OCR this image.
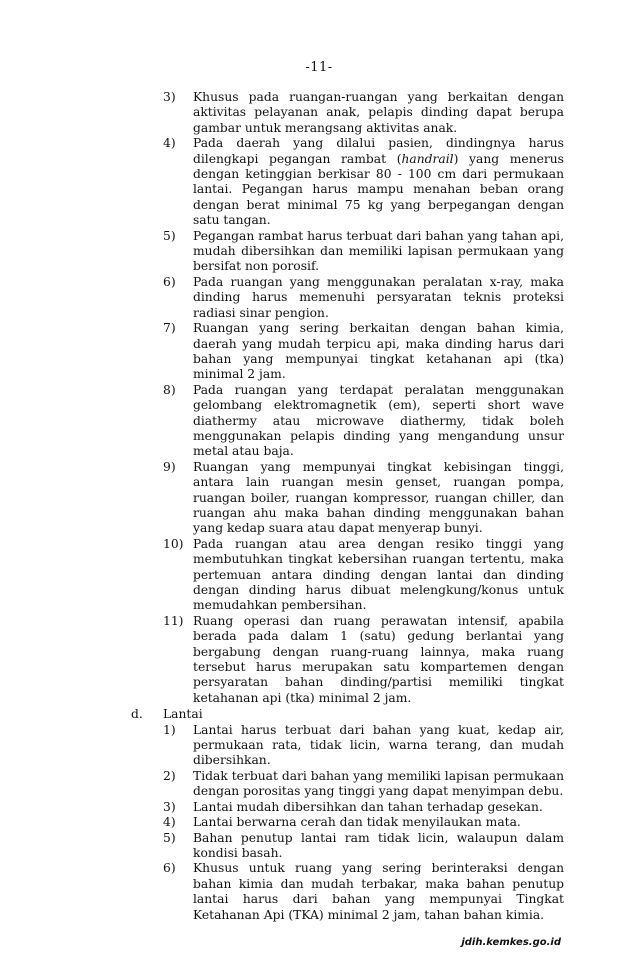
-11-
3)	Khusus pada ruangan-ruangan yang berkaitan dengan aktivitas pelayanan anak, pelapis dinding dapat berupa gambar untuk merangsang aktivitas anak.
4)	Pada daerah yang dilalui pasien, dindingnya harus dilengkapi pegangan rambat (handrail) yang menerus dengan ketinggian berkisar 80 - 100 cm dari permukaan lantai. Pegangan harus mampu menahan beban orang dengan berat minimal 75 kg yang berpegangan dengan satu tangan.
5)	Pegangan rambat harus terbuat dari bahan yang tahan api, mudah dibersihkan dan memiliki lapisan permukaan yang bersifat non porosif.
6)	Pada ruangan yang menggunakan peralatan x-ray, maka dinding harus memenuhi persyaratan teknis proteksi radiasi sinar pengion.
7)	Ruangan yang sering berkaitan dengan bahan kimia, daerah yang mudah terpicu api, maka dinding harus dari bahan yang mempunyai tingkat ketahanan api (tka) minimal 2 jam.
8)	Pada ruangan yang terdapat peralatan menggunakan gelombang elektromagnetik (em), seperti short wave diathermy atau microwave diathermy, tidak boleh menggunakan pelapis dinding yang mengandung unsur metal atau baja.
9)	Ruangan yang mempunyai tingkat kebisingan tinggi, antara lain ruangan mesin genset, ruangan pompa, ruangan boiler, ruangan kompressor, ruangan chiller, dan ruangan ahu maka bahan dinding menggunakan bahan yang kedap suara atau dapat menyerap bunyi.
10) Pada ruangan atau area dengan resiko tinggi yang membutuhkan tingkat kebersihan ruangan tertentu, maka pertemuan antara dinding dengan lantai dan dinding dengan dinding harus dibuat melengkung/konus untuk memudahkan pembersihan.
11) Ruang operasi dan ruang perawatan intensif, apabila berada pada dalam 1 (satu) gedung berlantai yang bergabung dengan ruang-ruang lainnya, maka ruang tersebut harus merupakan satu kompartemen dengan persyaratan bahan dinding/partisi memiliki tingkat ketahanan api (tka) minimal 2 jam.
d.	Lantai
1)	Lantai harus terbuat dari bahan yang kuat, kedap air, permukaan rata, tidak licin, warna terang, dan mudah dibersihkan.
2)	Tidak terbuat dari bahan yang memiliki lapisan permukaan dengan porositas yang tinggi yang dapat menyimpan debu.
3)	Lantai mudah dibersihkan dan tahan terhadap gesekan.
4)	Lantai berwarna cerah dan tidak menyilaukan mata.
5)	Bahan penutup lantai ram tidak licin, walaupun dalam kondisi basah.
6)	Khusus untuk ruang yang sering berinteraksi dengan bahan kimia dan mudah terbakar, maka bahan penutup lantai harus dari bahan yang mempunyai Tingkat Ketahanan Api (TKA) minimal 2 jam, tahan bahan kimia.
jdih.kemkes.go.id
